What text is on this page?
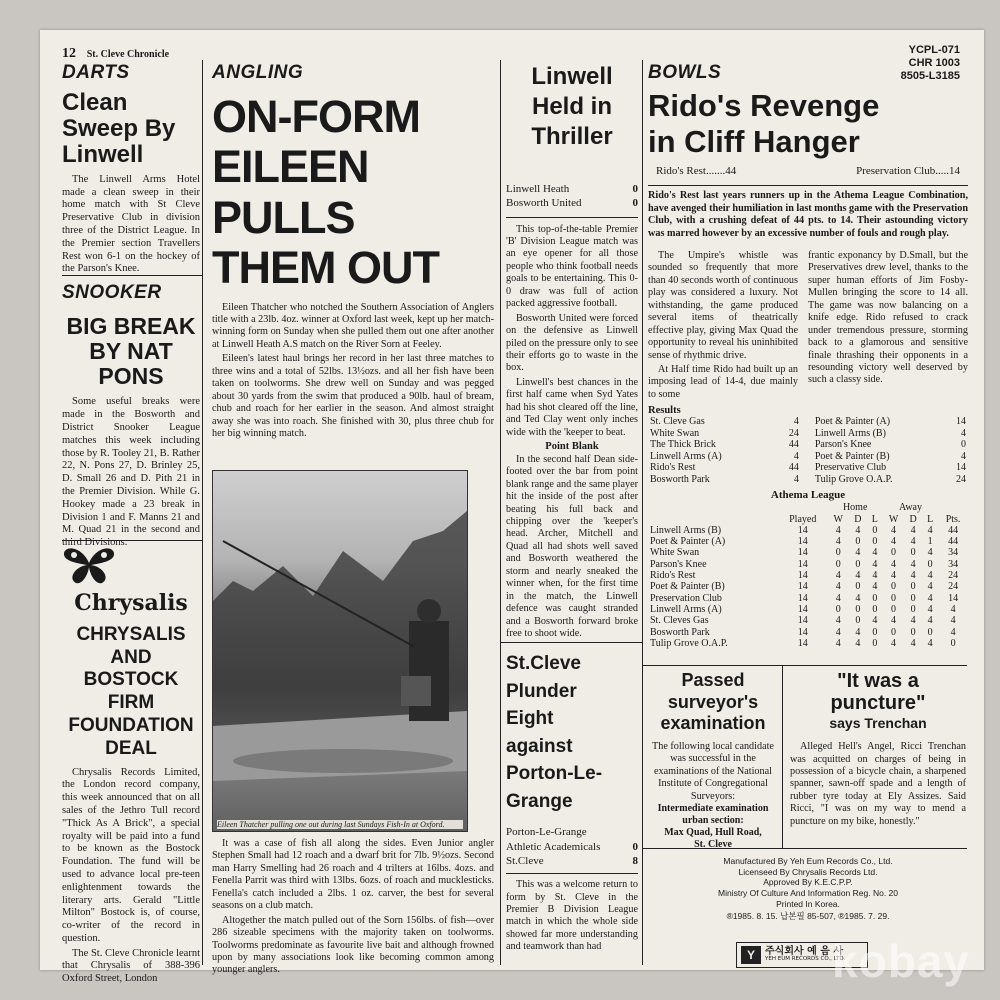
12 St. Cleve Chronicle	YCPL-071
CHR 1003
8505-L3185
DARTS
Clean
Sweep By
Linwell

The Linwell Arms Hotel made a clean sweep in their home match with St Cleve Preservative Club in division three of the District League. In the Premier section Travellers Rest won 6-1 on the hockey of the Parson's Knee.

SNOOKER
BIG BREAK
BY NAT PONS

Some useful breaks were made in the Bosworth and District Snooker League matches this week including those by R. Tooley 21, B. Rather 22, N. Pons 27, D. Brinley 25, D. Small 26 and D. Pith 21 in the Premier Division. While G. Hookey made a 23 break in Division 1 and F. Manns 21 and M. Quad 21 in the second and third Divisions.

Chrysalis
CHRYSALIS
AND BOSTOCK
FIRM
FOUNDATION
DEAL

Chrysalis Records Limited, the London record company, this week announced that on all sales of the Jethro Tull record "Thick As A Brick", a special royalty will be paid into a fund to be known as the Bostock Foundation. The fund will be used to advance local pre-teen enlightenment towards the literary arts. Gerald "Little Milton" Bostock is, of course, co-writer of the record in question.

The St. Cleve Chronicle learnt that Chrysalis of 388-396 Oxford Street, London

ANGLING
ON-FORM
EILEEN PULLS
THEM OUT

Eileen Thatcher who notched the Southern Association of Anglers title with a 23lb. 4oz. winner at Oxford last week, kept up her match-winning form on Sunday when she pulled them out one after another at Linwell Heath A.S match on the River Sorn at Feeley.

Eileen's latest haul brings her record in her last three matches to three wins and a total of 52lbs. 13½ozs. and all her fish have been taken on toolworms. She drew well on Sunday and was pegged about 30 yards from the swim that produced a 90lb. haul of bream, chub and roach for her earlier in the season. And almost straight away she was into roach. She finished with 30, plus three chub for her big winning match.

Eileen Thatcher pulling one out during last Sundays Fish-In at Oxford.

It was a case of fish all along the sides. Even Junior angler Stephen Small had 12 roach and a dwarf brit for 7lb. 9½ozs. Second man Harry Smelling had 26 roach and 4 trilters at 16lbs. 4ozs. and Fenella Parrit was third with 13lbs. 6ozs. of roach and mucklesticks. Fenella's catch included a 2lbs. 1 oz. carver, the best for several seasons on a club match.

Altogether the match pulled out of the Sorn 156lbs. of fish—over 286 sizeable specimens with the majority taken on toolworms. Toolworms predominate as favourite live bait and although frowned upon by many associations look like becoming common among younger anglers.

Linwell
Held in
Thriller
Linwell Heath	0
Bosworth United	0

This top-of-the-table Premier 'B' Division League match was an eye opener for all those people who think football needs goals to be entertaining. This 0-0 draw was full of action packed aggressive football.

Bosworth United were forced on the defensive as Linwell piled on the pressure only to see their efforts go to waste in the box.

Linwell's best chances in the first half came when Syd Yates had his shot cleared off the line, and Ted Clay went only inches wide with the 'keeper to beat.

Point Blank

In the second half Dean side-footed over the bar from point blank range and the same player hit the inside of the post after beating his full back and chipping over the 'keeper's head. Archer, Mitchell and Quad all had shots well saved and Bosworth weathered the storm and nearly sneaked the winner when, for the first time in the match, the Linwell defence was caught stranded and a Bosworth forward broke free to shoot wide.

St.Cleve
Plunder
Eight
against
Porton-Le-
Grange
Porton-Le-Grange
Athletic Academicals	0
St.Cleve	8

This was a welcome return to form by St. Cleve in the Premier B Division League match in which the whole side showed far more understanding and teamwork than had

BOWLS
Rido's Revenge
in Cliff Hanger
Rido's Rest.......44	Preservation Club.....14
Rido's Rest last years runners up in the Athema League Combination, have avenged their humiliation in last months game with the Preservation Club, with a crushing defeat of 44 pts. to 14. Their astounding victory was marred however by an excessive number of fouls and rough play.

The Umpire's whistle was sounded so frequently that more than 40 seconds worth of continuous play was considered a luxury. Not withstanding, the game produced several items of theatrically effective play, giving Max Quad the opportunity to reveal his uninhibited sense of rhythmic drive.

At Half time Rido had built up an imposing lead of 14-4, due mainly to some

frantic exponancy by D.Small, but the Preservatives drew level, thanks to the super human efforts of Jim Fosby-Mullen bringing the score to 14 all. The game was now balancing on a knife edge. Rido refused to crack under tremendous pressure, storming back to a glamorous and sensitive finale thrashing their opponents in a resounding victory well deserved by such a classy side.

Results
St. Cleve Gas	4	Poet & Painter (A)	14
White Swan	24	Linwell Arms (B)	4
The Thick Brick	44	Parson's Knee	0
Linwell Arms (A)	4	Poet & Painter (B)	4
Rido's Rest	44	Preservative Club	14
Bosworth Park	4	Tulip Grove O.A.P.	24
Athema League
		Home			Away			
	Played	W	D	L	W	D	L	Pts.
Linwell Arms (B)	14	4	4	0	4	4	4	44
Poet & Painter (A)	14	4	0	0	4	4	1	44
White Swan	14	0	4	4	0	0	4	34
Parson's Knee	14	0	0	4	4	4	0	34
Rido's Rest	14	4	4	4	4	4	4	24
Poet & Painter (B)	14	4	0	4	0	0	4	24
Preservation Club	14	4	4	0	0	0	4	14
Linwell Arms (A)	14	0	0	0	0	0	4	4
St. Cleves Gas	14	4	0	4	4	4	4	4
Bosworth Park	14	4	4	0	0	0	0	4
Tulip Grove O.A.P.	14	4	4	0	4	4	4	0
Passed
surveyor's
examination
The following local candidate was successful in the examinations of the National Institute of Congregational Surveyors:
Intermediate examination
urban section:
Max Quad, Hull Road,
St. Cleve
"It was a
puncture"
says Trenchan

Alleged Hell's Angel, Ricci Trenchan was acquitted on charges of being in possession of a bicycle chain, a sharpened spanner, sawn-off spade and a length of rubber tyre today at Ely Assizes. Said Ricci, "I was on my way to mend a puncture on my bike, honestly."

Manufactured By Yeh Eum Records Co., Ltd.
Licenseed By Chrysalis Records Ltd.
Approved By K.E.C.P.P.
Ministry Of Culture And Information Reg. No. 20
Printed In Korea.
®1985. 8. 15. 납본필 85-507, ®1985. 7. 29.
Y	주식회사 예 음 사
YEH EUM RECORDS CO., LTD.
kobay
